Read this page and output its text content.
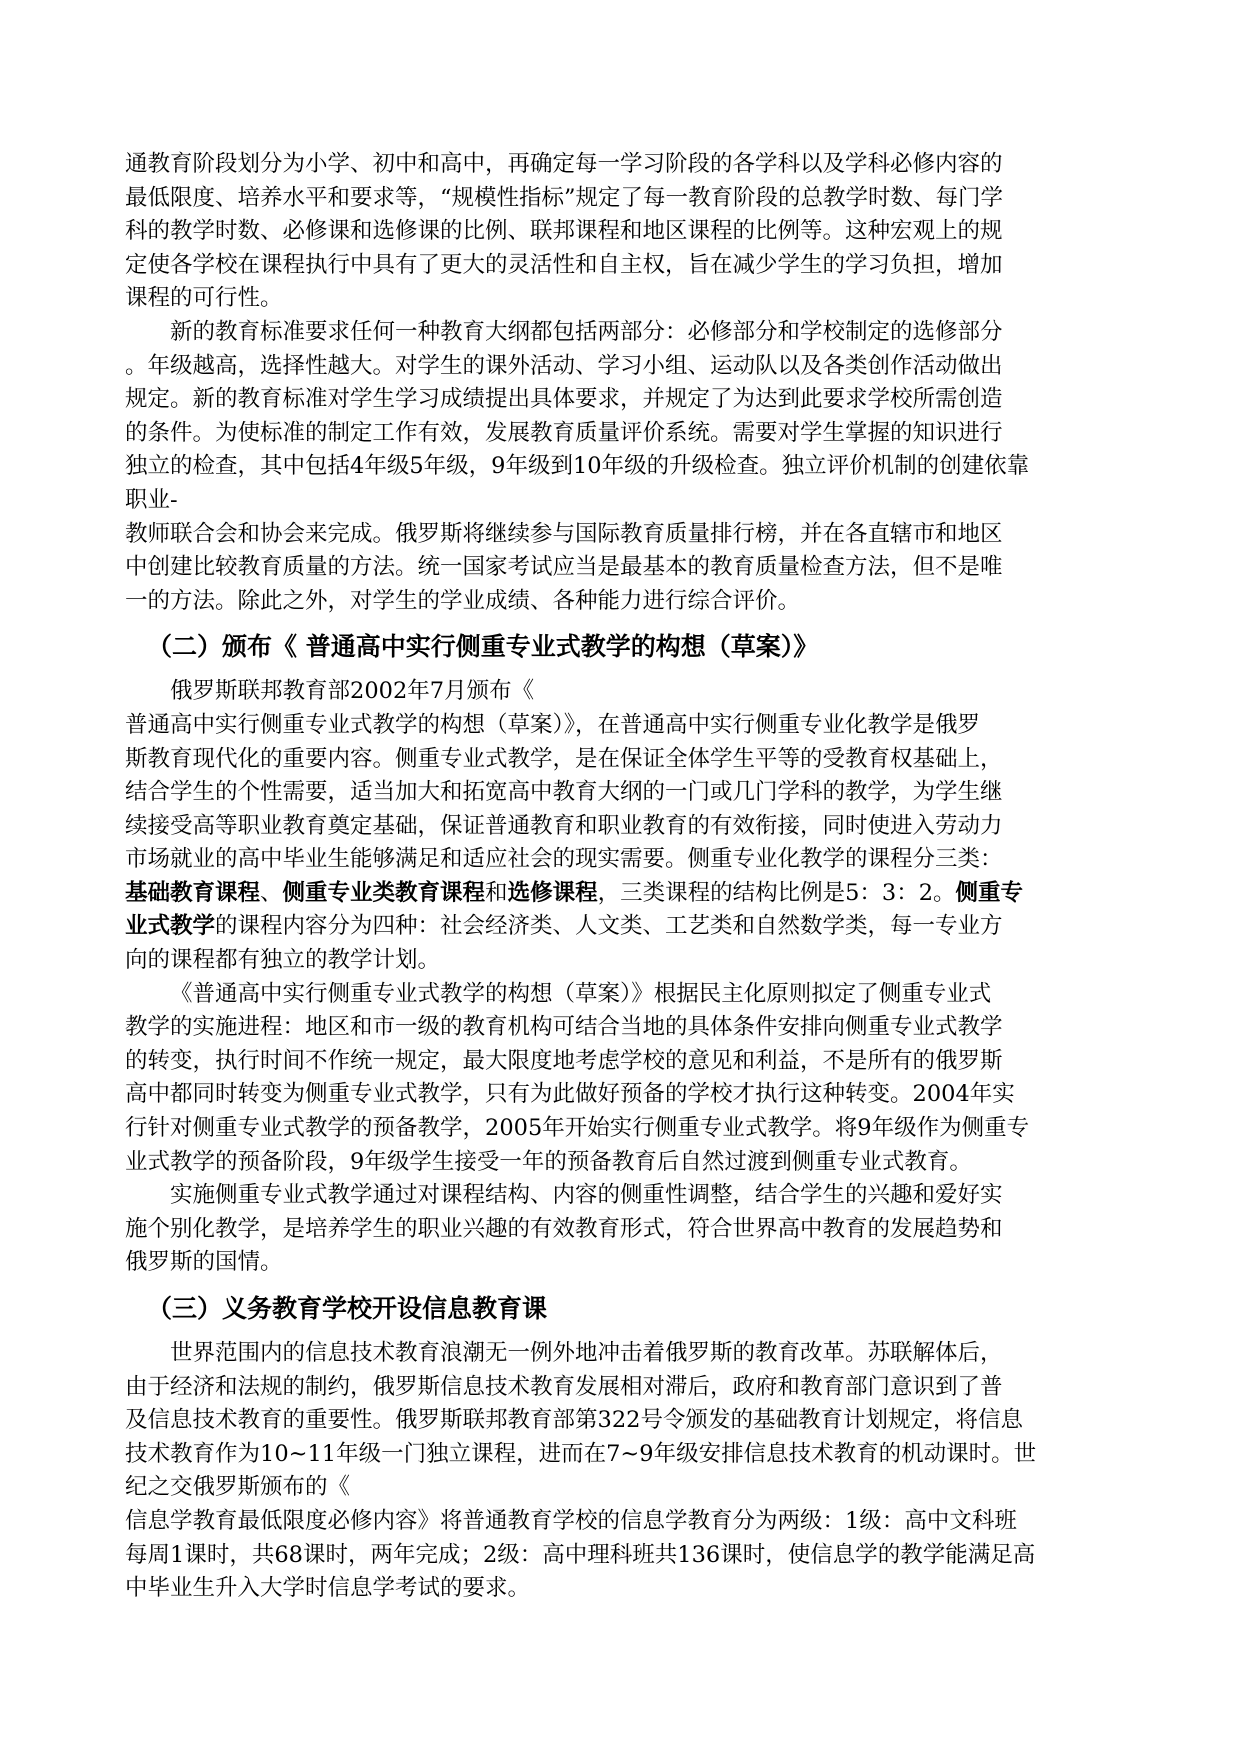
通教育阶段划分为小学、初中和高中，再确定每一学习阶段的各学科以及学科必修内容的
最低限度、培养水平和要求等，“规模性指标”规定了每一教育阶段的总教学时数、每门学
科的教学时数、必修课和选修课的比例、联邦课程和地区课程的比例等。这种宏观上的规
定使各学校在课程执行中具有了更大的灵活性和自主权，旨在减少学生的学习负担，增加
课程的可行性。
新的教育标准要求任何一种教育大纲都包括两部分：必修部分和学校制定的选修部分
。年级越高，选择性越大。对学生的课外活动、学习小组、运动队以及各类创作活动做出
规定。新的教育标准对学生学习成绩提出具体要求，并规定了为达到此要求学校所需创造
的条件。为使标准的制定工作有效，发展教育质量评价系统。需要对学生掌握的知识进行
独立的检查，其中包括4年级5年级，9年级到10年级的升级检查。独立评价机制的创建依靠
职业-
教师联合会和协会来完成。俄罗斯将继续参与国际教育质量排行榜，并在各直辖市和地区
中创建比较教育质量的方法。统一国家考试应当是最基本的教育质量检查方法，但不是唯
一的方法。除此之外，对学生的学业成绩、各种能力进行综合评价。
（二）颁布《 普通高中实行侧重专业式教学的构想（草案）》
俄罗斯联邦教育部2002年7月颁布《
普通高中实行侧重专业式教学的构想（草案）》，在普通高中实行侧重专业化教学是俄罗
斯教育现代化的重要内容。侧重专业式教学，是在保证全体学生平等的受教育权基础上，
结合学生的个性需要，适当加大和拓宽高中教育大纲的一门或几门学科的教学，为学生继
续接受高等职业教育奠定基础，保证普通教育和职业教育的有效衔接，同时使进入劳动力
市场就业的高中毕业生能够满足和适应社会的现实需要。侧重专业化教学的课程分三类：
基础教育课程、侧重专业类教育课程和选修课程，三类课程的结构比例是5：3：2。侧重专
业式教学的课程内容分为四种：社会经济类、人文类、工艺类和自然数学类，每一专业方
向的课程都有独立的教学计划。
《普通高中实行侧重专业式教学的构想（草案）》根据民主化原则拟定了侧重专业式
教学的实施进程：地区和市一级的教育机构可结合当地的具体条件安排向侧重专业式教学
的转变，执行时间不作统一规定，最大限度地考虑学校的意见和利益，不是所有的俄罗斯
高中都同时转变为侧重专业式教学，只有为此做好预备的学校才执行这种转变。2004年实
行针对侧重专业式教学的预备教学，2005年开始实行侧重专业式教学。将9年级作为侧重专
业式教学的预备阶段，9年级学生接受一年的预备教育后自然过渡到侧重专业式教育。
实施侧重专业式教学通过对课程结构、内容的侧重性调整，结合学生的兴趣和爱好实
施个别化教学，是培养学生的职业兴趣的有效教育形式，符合世界高中教育的发展趋势和
俄罗斯的国情。
（三）义务教育学校开设信息教育课
世界范围内的信息技术教育浪潮无一例外地冲击着俄罗斯的教育改革。苏联解体后，
由于经济和法规的制约，俄罗斯信息技术教育发展相对滞后，政府和教育部门意识到了普
及信息技术教育的重要性。俄罗斯联邦教育部第322号令颁发的基础教育计划规定，将信息
技术教育作为10~11年级一门独立课程，进而在7~9年级安排信息技术教育的机动课时。世
纪之交俄罗斯颁布的《
信息学教育最低限度必修内容》将普通教育学校的信息学教育分为两级：1级：高中文科班
每周1课时，共68课时，两年完成；2级：高中理科班共136课时，使信息学的教学能满足高
中毕业生升入大学时信息学考试的要求。
